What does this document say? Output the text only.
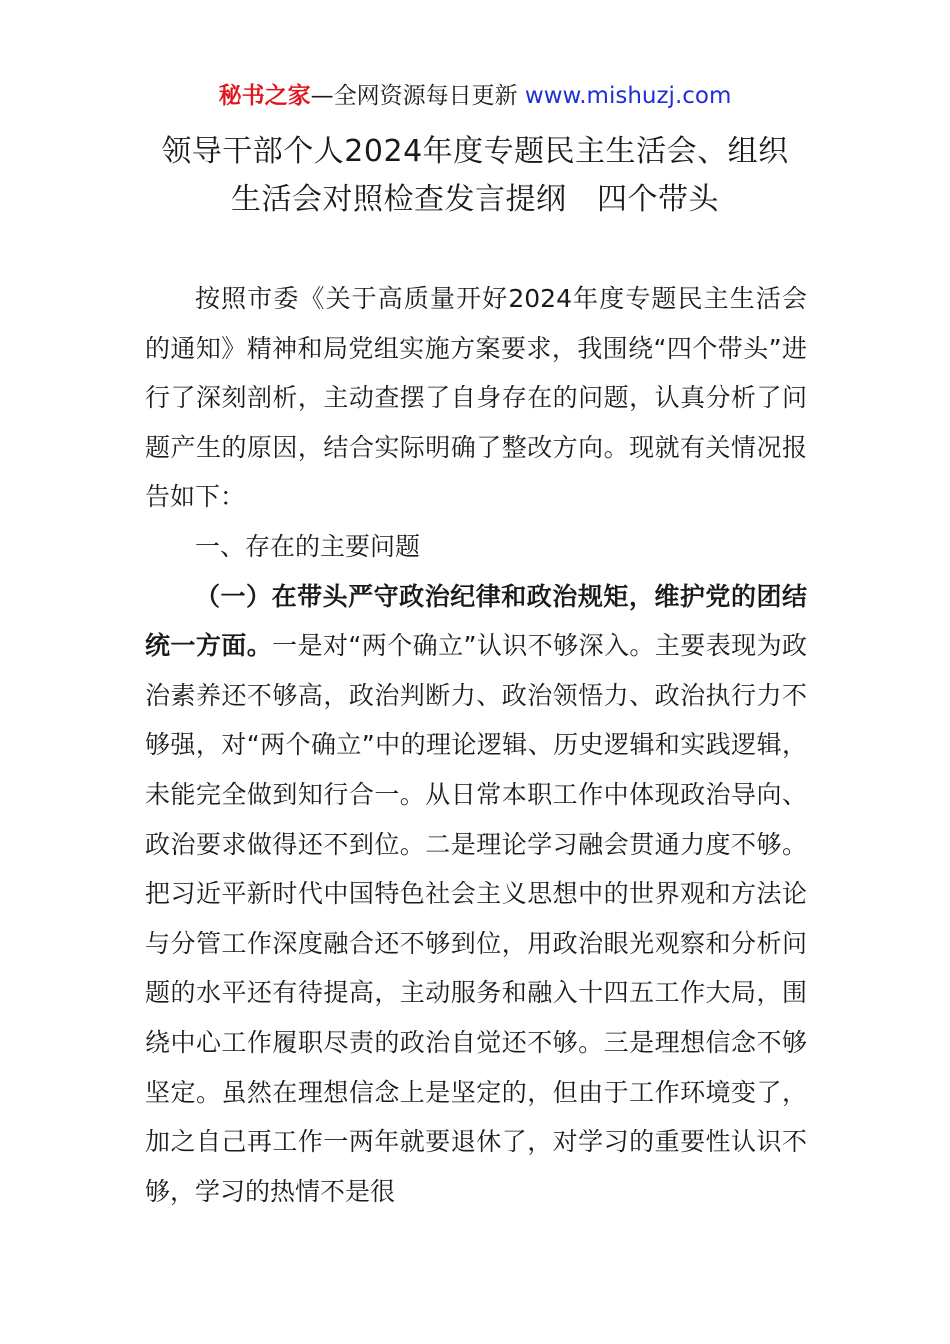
秘书之家—全网资源每日更新 www.mishuzj.com
领导干部个人2024年度专题民主生活会、组织
生活会对照检查发言提纲　四个带头

按照市委《关于高质量开好2024年度专题民主生活会的通知》精神和局党组实施方案要求，我围绕“四个带头”进行了深刻剖析，主动查摆了自身存在的问题，认真分析了问题产生的原因，结合实际明确了整改方向。现就有关情况报告如下：

一、存在的主要问题

（一）在带头严守政治纪律和政治规矩，维护党的团结统一方面。一是对“两个确立”认识不够深入。主要表现为政治素养还不够高，政治判断力、政治领悟力、政治执行力不够强，对“两个确立”中的理论逻辑、历史逻辑和实践逻辑，未能完全做到知行合一。从日常本职工作中体现政治导向、政治要求做得还不到位。二是理论学习融会贯通力度不够。把习近平新时代中国特色社会主义思想中的世界观和方法论与分管工作深度融合还不够到位，用政治眼光观察和分析问题的水平还有待提高，主动服务和融入十四五工作大局，围绕中心工作履职尽责的政治自觉还不够。三是理想信念不够坚定。虽然在理想信念上是坚定的，但由于工作环境变了，加之自己再工作一两年就要退休了，对学习的重要性认识不够，学习的热情不是很
